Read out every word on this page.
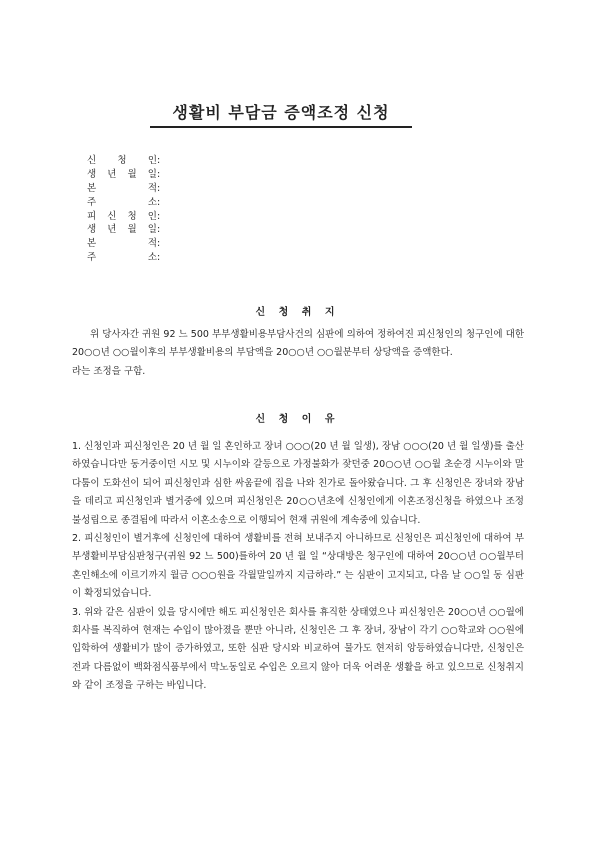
생활비 부담금 증액조정 신청
신 청 인 :
생 년 월 일 :
본	적 :
주	소 :
피 신 청 인 :
생 년 월 일 :
본	적 :
주	소 :
신 청 취 지
위 당사자간 귀원 92 느 500 부부생활비용부담사건의 심판에 의하여 정하여진 피신청인의 청구인에 대한 20○○년 ○○월이후의 부부생활비용의 부담액을 20○○년 ○○월분부터 상당액을 증액한다.
라는 조정을 구함.
신 청 이 유

1. 신청인과 피신청인은 20 년 월 일 혼인하고 장녀 ○○○(20 년 월 일생), 장남 ○○○(20 년 월 일생)를 출산하였습니다만 동거중이던 시모 및 시누이와 갈등으로 가정불화가 잦던중 20○○년 ○○월 초순경 시누이와 말다툼이 도화선이 되어 피신청인과 심한 싸움끝에 집을 나와 친가로 돌아왔습니다. 그 후 신청인은 장녀와 장남을 데리고 피신청인과 별거중에 있으며 피신청인은 20○○년초에 신청인에게 이혼조정신청을 하였으나 조정불성립으로 종결됨에 따라서 이혼소송으로 이행되어 현재 귀원에 계속중에 있습니다.

2. 피신청인이 별거후에 신청인에 대하여 생활비를 전혀 보내주지 아니하므로 신청인은 피신청인에 대하여 부부생활비부담심판청구(귀원 92 느 500)를하여 20 년 월 일 “상대방은 청구인에 대하여 20○○년 ○○월부터 혼인해소에 이르기까지 월금 ○○○원을 각월말일까지 지급하라.” 는 심판이 고지되고, 다음 날 ○○일 동 심판이 확정되었습니다.

3. 위와 같은 심판이 있을 당시에만 해도 피신청인은 회사를 휴직한 상태였으나 피신청인은 20○○년 ○○월에 회사를 복직하여 현재는 수입이 많아졌을 뿐만 아니라, 신청인은 그 후 장녀, 장남이 각기 ○○학교와 ○○원에 입학하여 생활비가 많이 증가하였고, 또한 심판 당시와 비교하여 물가도 현저히 앙등하였습니다만, 신청인은 전과 다름없이 백화점식품부에서 막노동일로 수입은 오르지 않아 더욱 어려운 생활을 하고 있으므로 신청취지와 같이 조정을 구하는 바입니다.
